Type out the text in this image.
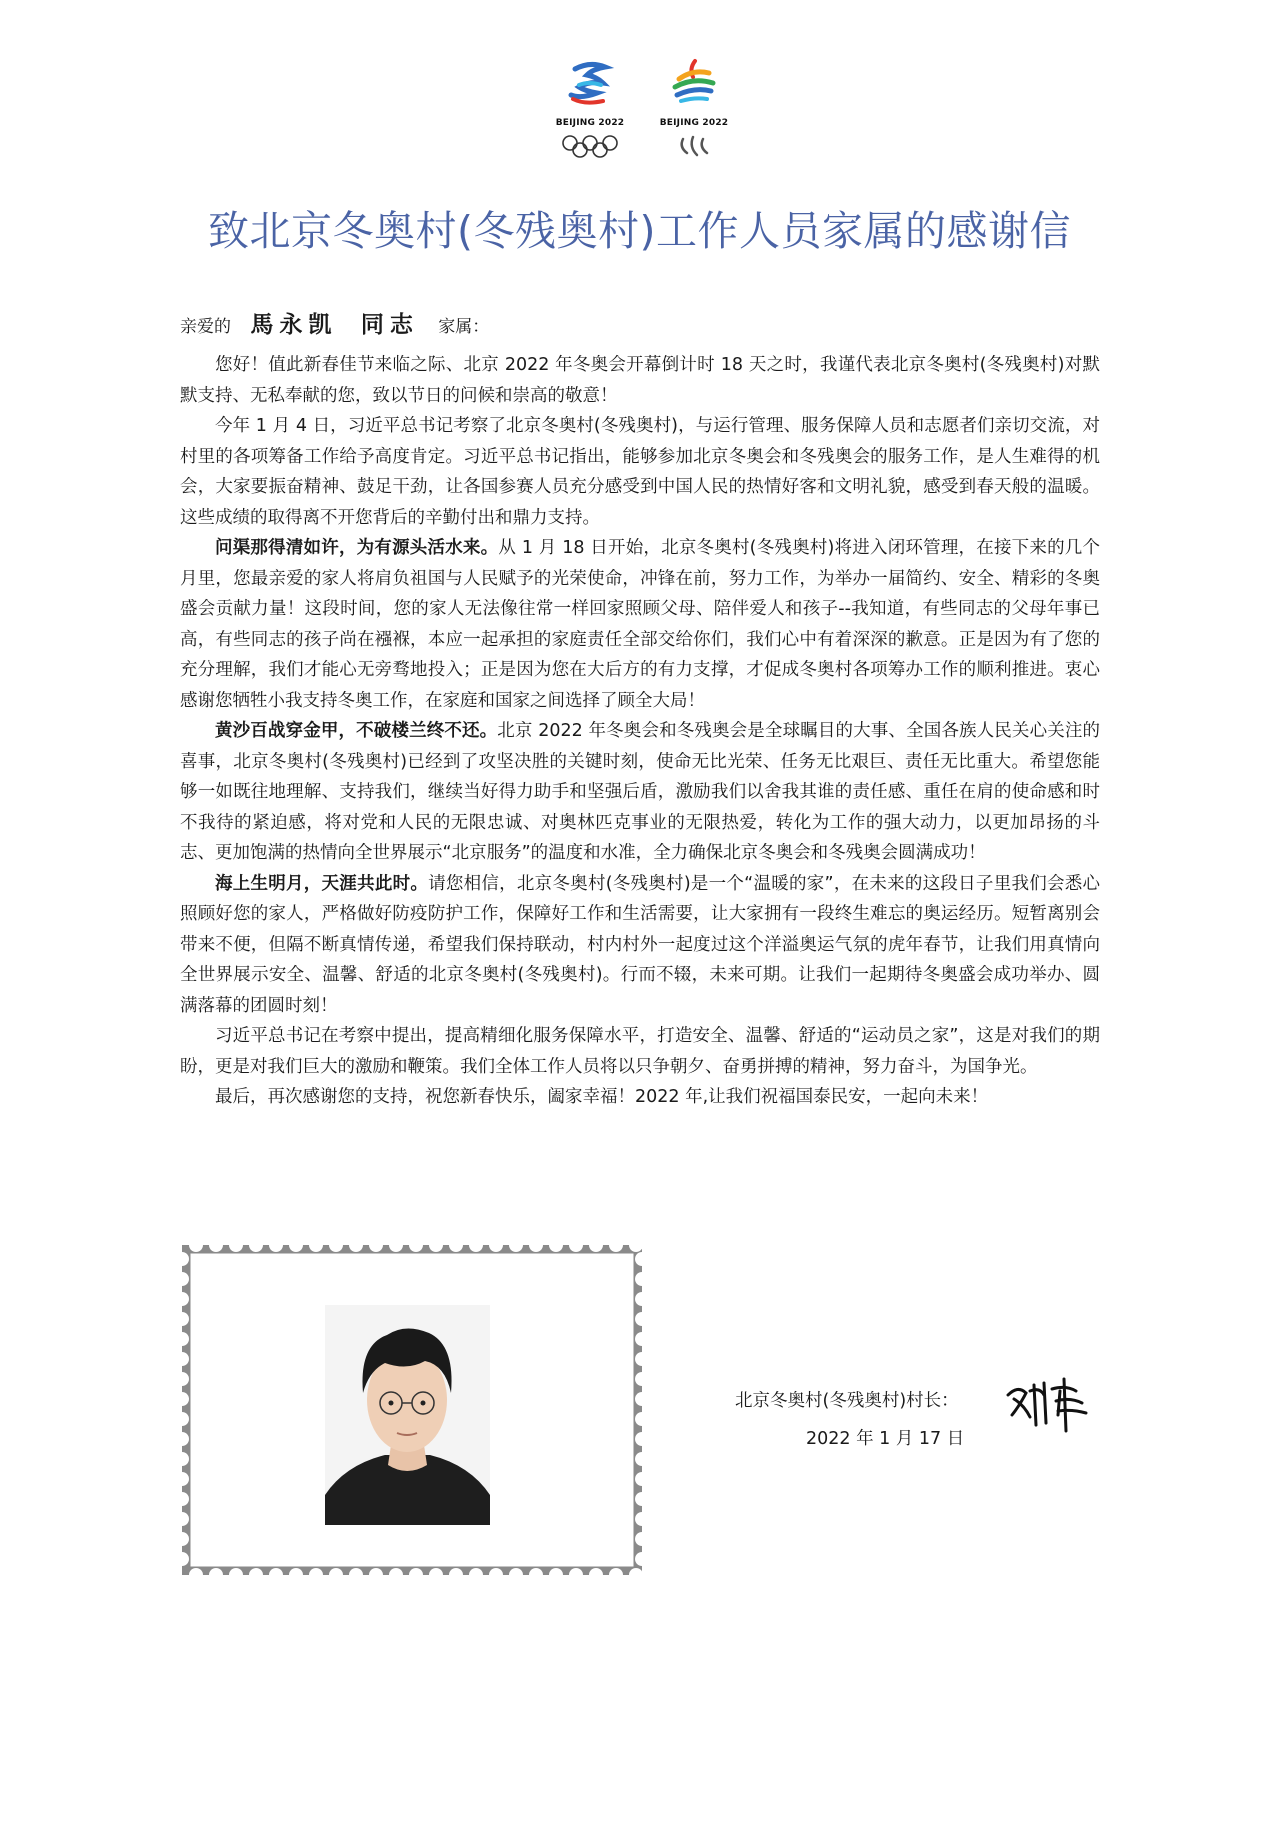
BEIJING 2022	BEIJING 2022
致北京冬奥村(冬残奥村)工作人员家属的感谢信
亲爱的 馬永凯 同志 家属：

您好！值此新春佳节来临之际、北京 2022 年冬奥会开幕倒计时 18 天之时，我谨代表北京冬奥村(冬残奥村)对默默支持、无私奉献的您，致以节日的问候和崇高的敬意！

今年 1 月 4 日，习近平总书记考察了北京冬奥村(冬残奥村)，与运行管理、服务保障人员和志愿者们亲切交流，对村里的各项筹备工作给予高度肯定。习近平总书记指出，能够参加北京冬奥会和冬残奥会的服务工作，是人生难得的机会，大家要振奋精神、鼓足干劲，让各国参赛人员充分感受到中国人民的热情好客和文明礼貌，感受到春天般的温暖。这些成绩的取得离不开您背后的辛勤付出和鼎力支持。

问渠那得清如许，为有源头活水来。从 1 月 18 日开始，北京冬奥村(冬残奥村)将进入闭环管理，在接下来的几个月里，您最亲爱的家人将肩负祖国与人民赋予的光荣使命，冲锋在前，努力工作，为举办一届简约、安全、精彩的冬奥盛会贡献力量！这段时间，您的家人无法像往常一样回家照顾父母、陪伴爱人和孩子--我知道，有些同志的父母年事已高，有些同志的孩子尚在襁褓，本应一起承担的家庭责任全部交给你们，我们心中有着深深的歉意。正是因为有了您的充分理解，我们才能心无旁骛地投入；正是因为您在大后方的有力支撑，才促成冬奥村各项筹办工作的顺利推进。衷心感谢您牺牲小我支持冬奥工作，在家庭和国家之间选择了顾全大局！

黄沙百战穿金甲，不破楼兰终不还。北京 2022 年冬奥会和冬残奥会是全球瞩目的大事、全国各族人民关心关注的喜事，北京冬奥村(冬残奥村)已经到了攻坚决胜的关键时刻，使命无比光荣、任务无比艰巨、责任无比重大。希望您能够一如既往地理解、支持我们，继续当好得力助手和坚强后盾，激励我们以舍我其谁的责任感、重任在肩的使命感和时不我待的紧迫感，将对党和人民的无限忠诚、对奥林匹克事业的无限热爱，转化为工作的强大动力，以更加昂扬的斗志、更加饱满的热情向全世界展示“北京服务”的温度和水准，全力确保北京冬奥会和冬残奥会圆满成功！

海上生明月，天涯共此时。请您相信，北京冬奥村(冬残奥村)是一个“温暖的家”，在未来的这段日子里我们会悉心照顾好您的家人，严格做好防疫防护工作，保障好工作和生活需要，让大家拥有一段终生难忘的奥运经历。短暂离别会带来不便，但隔不断真情传递，希望我们保持联动，村内村外一起度过这个洋溢奥运气氛的虎年春节，让我们用真情向全世界展示安全、温馨、舒适的北京冬奥村(冬残奥村)。行而不辍，未来可期。让我们一起期待冬奥盛会成功举办、圆满落幕的团圆时刻！

习近平总书记在考察中提出，提高精细化服务保障水平，打造安全、温馨、舒适的“运动员之家”，这是对我们的期盼，更是对我们巨大的激励和鞭策。我们全体工作人员将以只争朝夕、奋勇拼搏的精神，努力奋斗，为国争光。

最后，再次感谢您的支持，祝您新春快乐，阖家幸福！2022 年,让我们祝福国泰民安，一起向未来！

北京冬奥村(冬残奥村)村长：
2022 年 1 月 17 日
